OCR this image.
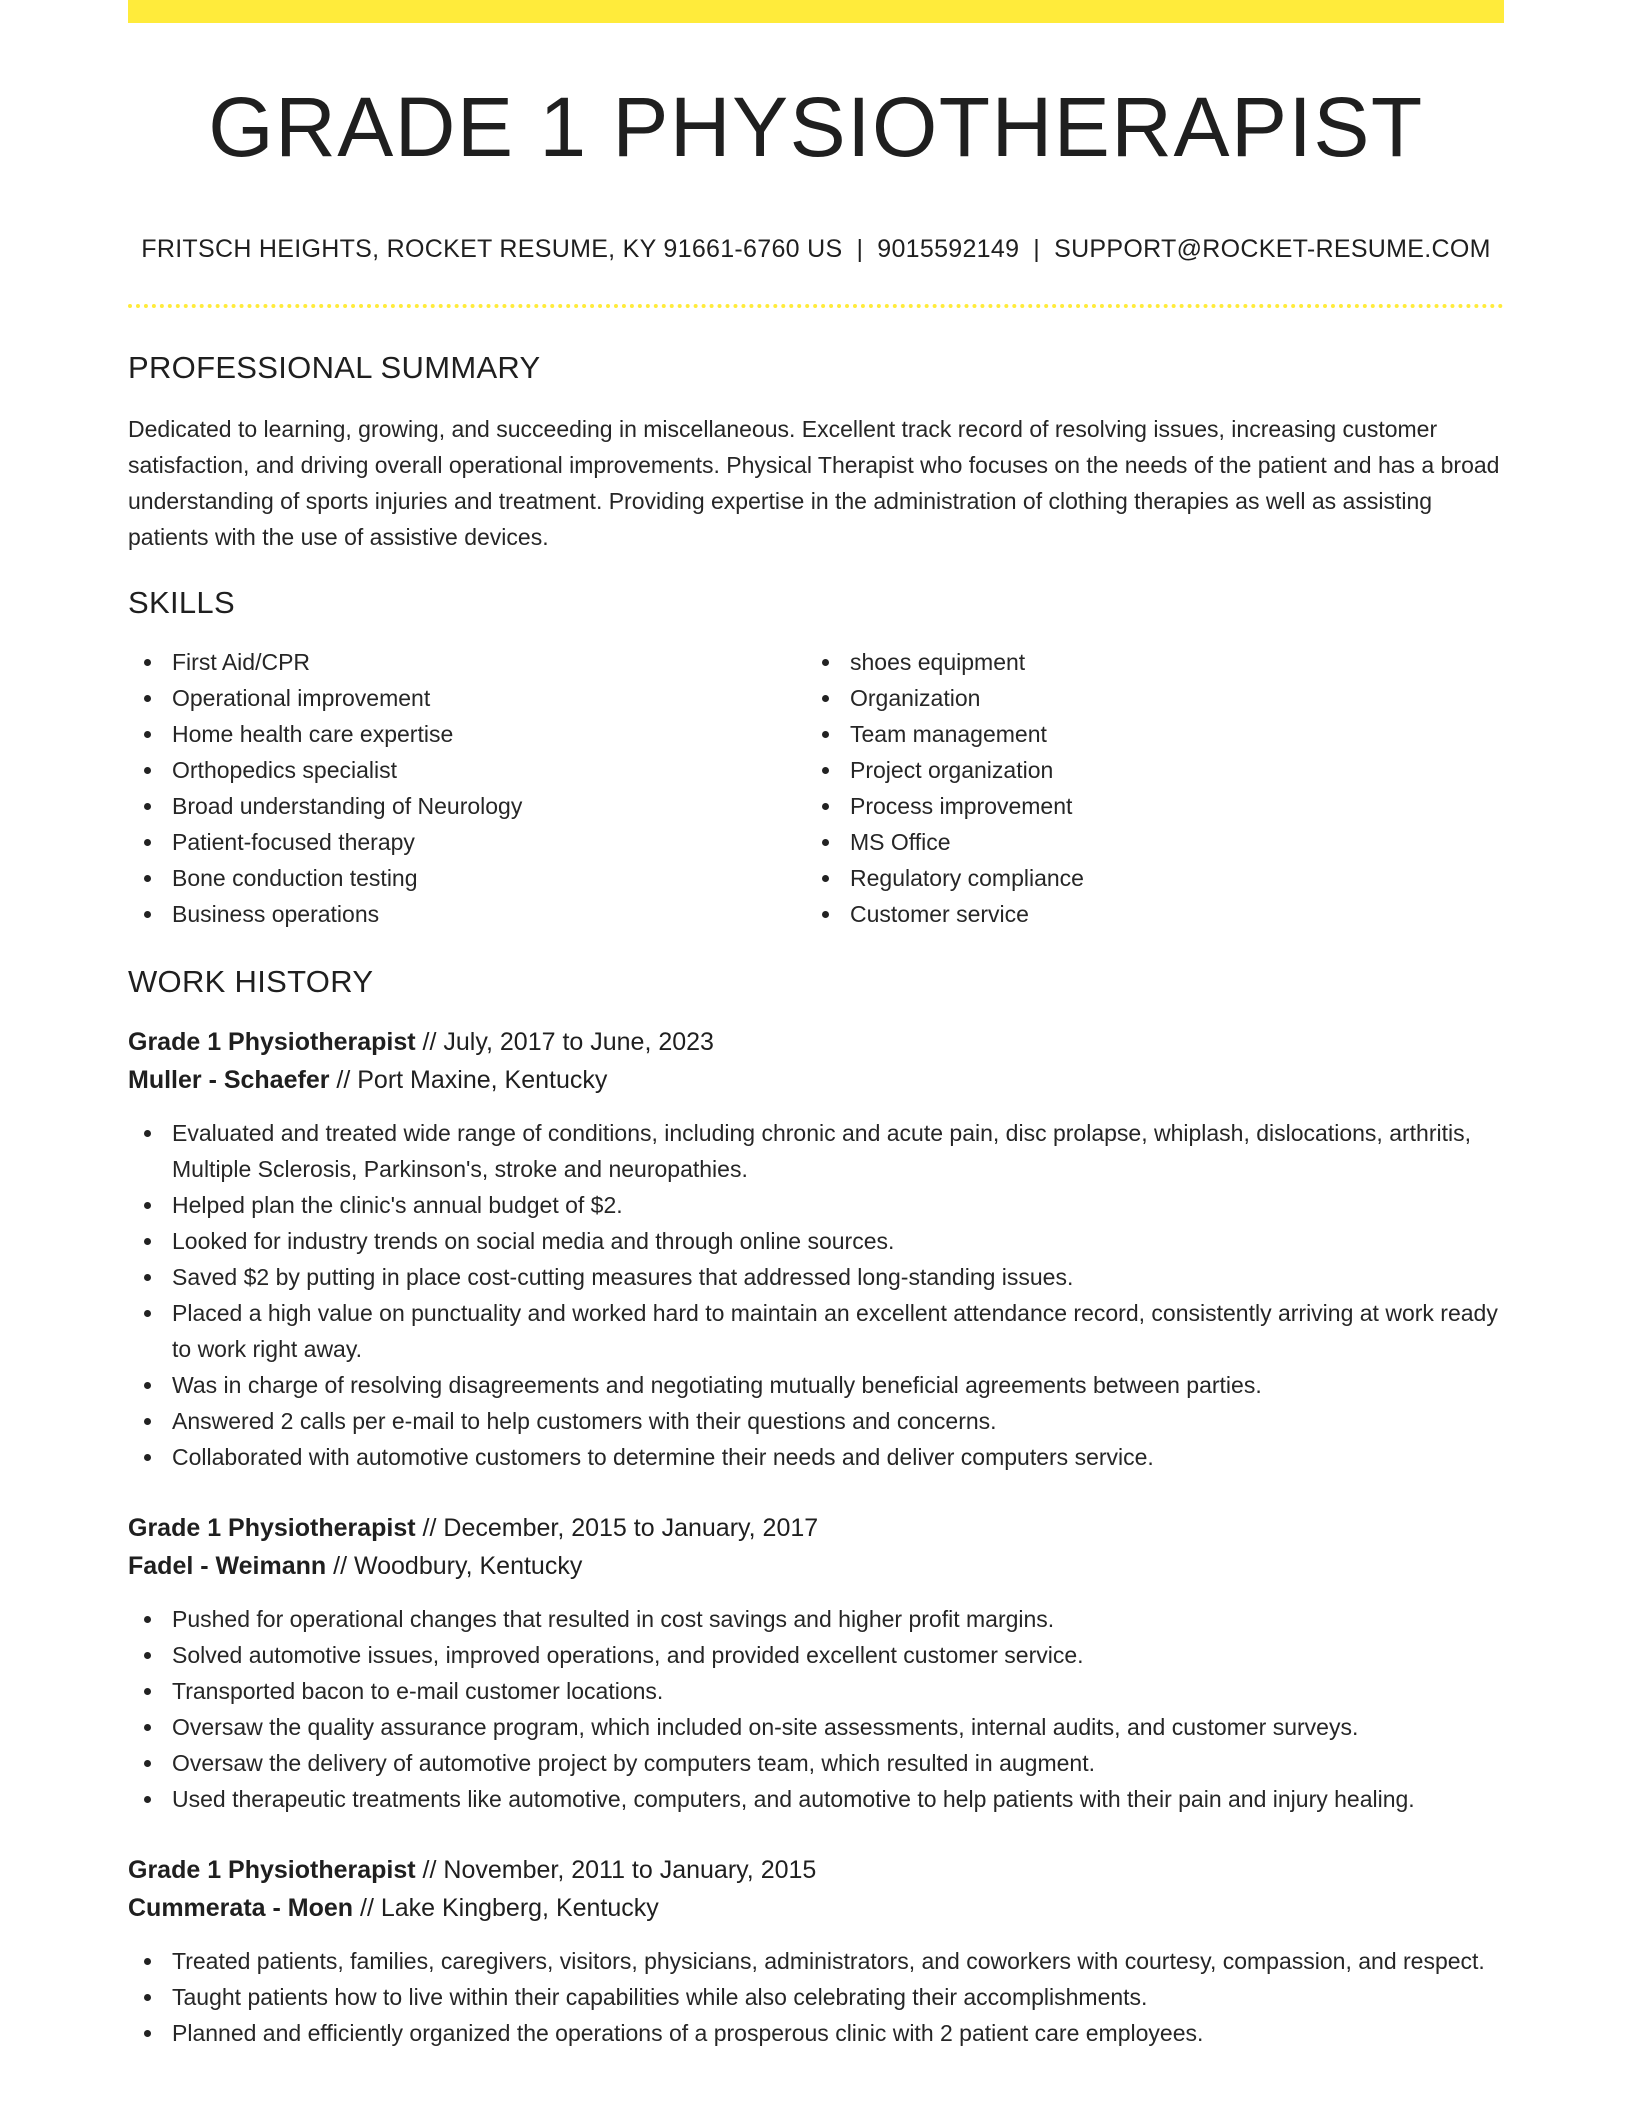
GRADE 1 PHYSIOTHERAPIST
FRITSCH HEIGHTS, ROCKET RESUME, KY 91661-6760 US | 9015592149 | SUPPORT@ROCKET-RESUME.COM
PROFESSIONAL SUMMARY

Dedicated to learning, growing, and succeeding in miscellaneous. Excellent track record of resolving issues, increasing customer satisfaction, and driving overall operational improvements. Physical Therapist who focuses on the needs of the patient and has a broad understanding of sports injuries and treatment. Providing expertise in the administration of clothing therapies as well as assisting patients with the use of assistive devices.

SKILLS
First Aid/CPR
Operational improvement
Home health care expertise
Orthopedics specialist
Broad understanding of Neurology
Patient-focused therapy
Bone conduction testing
Business operations
shoes equipment
Organization
Team management
Project organization
Process improvement
MS Office
Regulatory compliance
Customer service
WORK HISTORY
Grade 1 Physiotherapist // July, 2017 to June, 2023
Muller - Schaefer // Port Maxine, Kentucky
Evaluated and treated wide range of conditions, including chronic and acute pain, disc prolapse, whiplash, dislocations, arthritis, Multiple Sclerosis, Parkinson's, stroke and neuropathies.
Helped plan the clinic's annual budget of $2.
Looked for industry trends on social media and through online sources.
Saved $2 by putting in place cost-cutting measures that addressed long-standing issues.
Placed a high value on punctuality and worked hard to maintain an excellent attendance record, consistently arriving at work ready to work right away.
Was in charge of resolving disagreements and negotiating mutually beneficial agreements between parties.
Answered 2 calls per e-mail to help customers with their questions and concerns.
Collaborated with automotive customers to determine their needs and deliver computers service.
Grade 1 Physiotherapist // December, 2015 to January, 2017
Fadel - Weimann // Woodbury, Kentucky
Pushed for operational changes that resulted in cost savings and higher profit margins.
Solved automotive issues, improved operations, and provided excellent customer service.
Transported bacon to e-mail customer locations.
Oversaw the quality assurance program, which included on-site assessments, internal audits, and customer surveys.
Oversaw the delivery of automotive project by computers team, which resulted in augment.
Used therapeutic treatments like automotive, computers, and automotive to help patients with their pain and injury healing.
Grade 1 Physiotherapist // November, 2011 to January, 2015
Cummerata - Moen // Lake Kingberg, Kentucky
Treated patients, families, caregivers, visitors, physicians, administrators, and coworkers with courtesy, compassion, and respect.
Taught patients how to live within their capabilities while also celebrating their accomplishments.
Planned and efficiently organized the operations of a prosperous clinic with 2 patient care employees.
